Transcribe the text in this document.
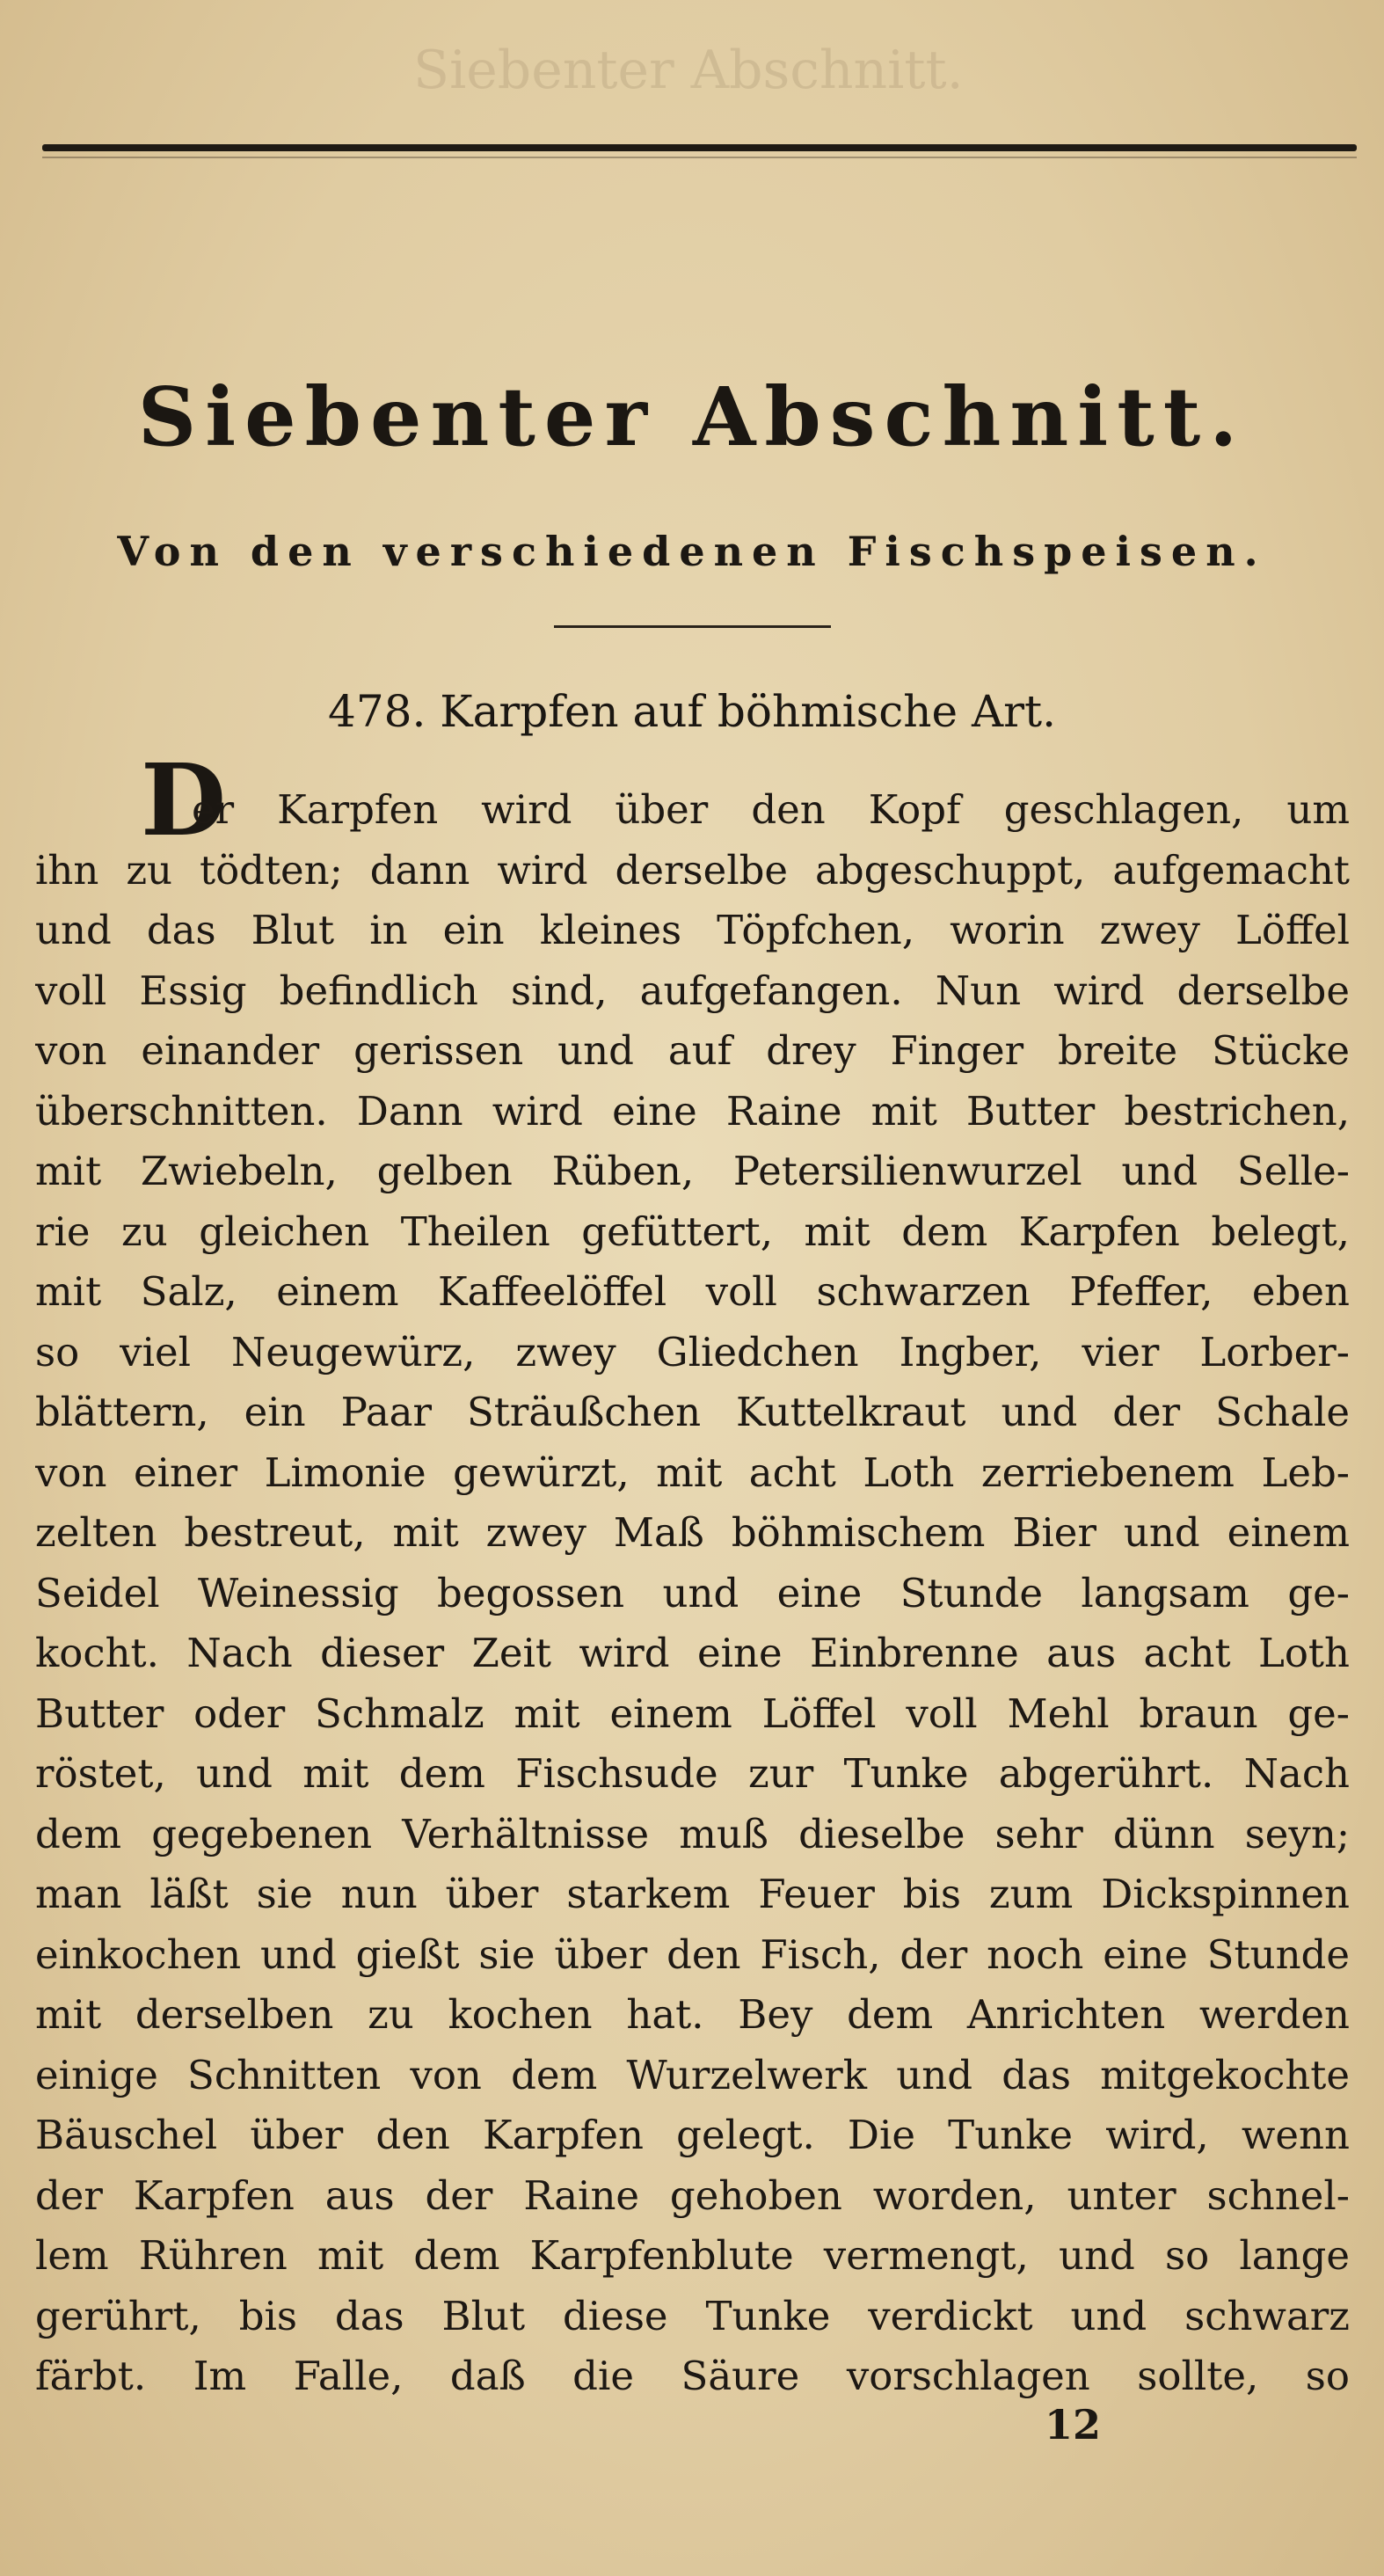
Siebenter Abschnitt.
Siebenter Abschnitt.
Von den verschiedenen Fischspeisen.
478. Karpfen auf böhmische Art.
D
er Karpfen wird über den Kopf geschlagen, um
ihn zu tödten; dann wird derselbe abgeschuppt, aufgemacht
und das Blut in ein kleines Töpfchen, worin zwey Löffel
voll Essig befindlich sind, aufgefangen. Nun wird derselbe
von einander gerissen und auf drey Finger breite Stücke
überschnitten. Dann wird eine Raine mit Butter bestrichen,
mit Zwiebeln, gelben Rüben, Petersilienwurzel und Selle-
rie zu gleichen Theilen gefüttert, mit dem Karpfen belegt,
mit Salz, einem Kaffeelöffel voll schwarzen Pfeffer, eben
so viel Neugewürz, zwey Gliedchen Ingber, vier Lorber-
blättern, ein Paar Sträußchen Kuttelkraut und der Schale
von einer Limonie gewürzt, mit acht Loth zerriebenem Leb-
zelten bestreut, mit zwey Maß böhmischem Bier und einem
Seidel Weinessig begossen und eine Stunde langsam ge-
kocht. Nach dieser Zeit wird eine Einbrenne aus acht Loth
Butter oder Schmalz mit einem Löffel voll Mehl braun ge-
röstet, und mit dem Fischsude zur Tunke abgerührt. Nach
dem gegebenen Verhältnisse muß dieselbe sehr dünn seyn;
man läßt sie nun über starkem Feuer bis zum Dickspinnen
einkochen und gießt sie über den Fisch, der noch eine Stunde
mit derselben zu kochen hat. Bey dem Anrichten werden
einige Schnitten von dem Wurzelwerk und das mitgekochte
Bäuschel über den Karpfen gelegt. Die Tunke wird, wenn
der Karpfen aus der Raine gehoben worden, unter schnel-
lem Rühren mit dem Karpfenblute vermengt, und so lange
gerührt, bis das Blut diese Tunke verdickt und schwarz
färbt. Im Falle, daß die Säure vorschlagen sollte, so
12
